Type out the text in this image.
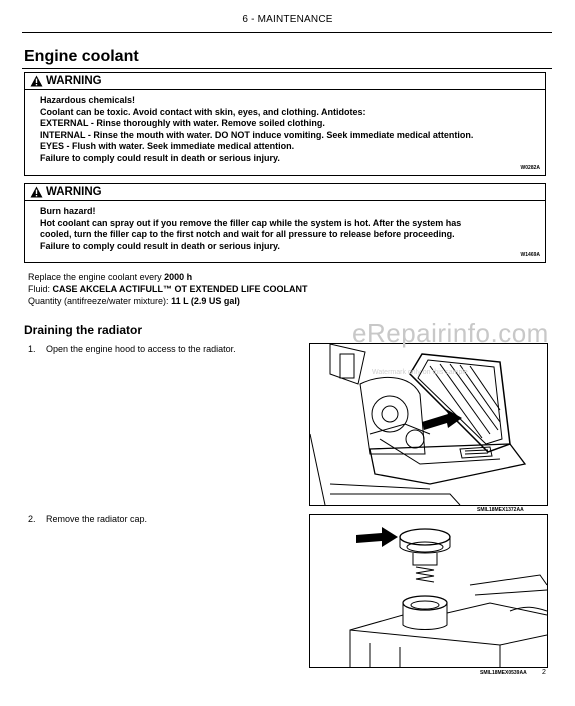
6 - MAINTENANCE
Engine coolant
WARNING
Hazardous chemicals!
Coolant can be toxic. Avoid contact with skin, eyes, and clothing. Antidotes:
EXTERNAL - Rinse thoroughly with water. Remove soiled clothing.
INTERNAL - Rinse the mouth with water. DO NOT induce vomiting. Seek immediate medical attention.
EYES - Flush with water. Seek immediate medical attention.
Failure to comply could result in death or serious injury.
W0282A
WARNING
Burn hazard!
Hot coolant can spray out if you remove the filler cap while the system is hot. After the system has
cooled, turn the filler cap to the first notch and wait for all pressure to release before proceeding.
Failure to comply could result in death or serious injury.
W1469A
Replace the engine coolant every 2000 h
Fluid: CASE AKCELA ACTIFULL™ OT EXTENDED LIFE COOLANT
Quantity (antifreeze/water mixture): 11 L (2.9 US gal)
Draining the radiator
1. Open the engine hood to access to the radiator.
SMIL18MEX1372AA
eRepairinfo.com
Watermark only on this sample
2. Remove the radiator cap.
SMIL18MEX0539AA 2
